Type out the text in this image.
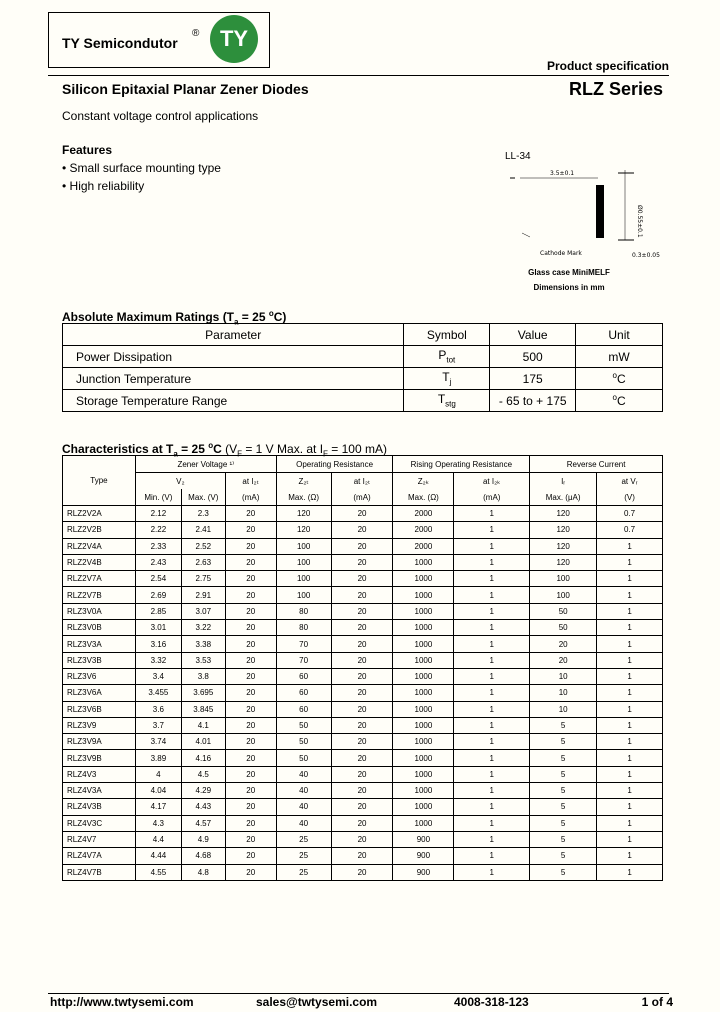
TY Semicondutor
® TY
Product specification
Silicon Epitaxial Planar Zener Diodes	RLZ Series
Constant voltage control applications
Features
• Small surface mounting type
• High reliability
LL-34
3.5±0.1
Ø0.55±0.1
Cathode Mark	0.3±0.05
Glass case MiniMELF
Dimensions in mm
Absolute Maximum Ratings ($T_a = 25$ $^o$C)
Parameter	Symbol	Value	Unit
Power Dissipation	$P_{tot}$	500	mW
Junction Temperature	$T_j$	175	$^o$C
Storage Temperature Range	$T_{stg}$	- 65 to + 175	$^o$C
Characteristics at $T_a = 25$ $^o$C ($V_F = 1$ V Max. at $I_F = 100$ mA)
Type	Zener Voltage ¹⁾			Operating Resistance		Rising Operating Resistance		Reverse Current	
	V₂		at I₂ₜ	Z₂ₜ	at I₂ₜ	Z₂ₖ	at I₂ₖ	Iᵣ	at Vᵣ
	Min. (V)	Max. (V)	(mA)	Max. (Ω)	(mA)	Max. (Ω)	(mA)	Max. (μA)	(V)
RLZ2V2A	2.12	2.3	20	120	20	2000	1	120	0.7
RLZ2V2B	2.22	2.41	20	120	20	2000	1	120	0.7
RLZ2V4A	2.33	2.52	20	100	20	2000	1	120	1
RLZ2V4B	2.43	2.63	20	100	20	1000	1	120	1
RLZ2V7A	2.54	2.75	20	100	20	1000	1	100	1
RLZ2V7B	2.69	2.91	20	100	20	1000	1	100	1
RLZ3V0A	2.85	3.07	20	80	20	1000	1	50	1
RLZ3V0B	3.01	3.22	20	80	20	1000	1	50	1
RLZ3V3A	3.16	3.38	20	70	20	1000	1	20	1
RLZ3V3B	3.32	3.53	20	70	20	1000	1	20	1
RLZ3V6	3.4	3.8	20	60	20	1000	1	10	1
RLZ3V6A	3.455	3.695	20	60	20	1000	1	10	1
RLZ3V6B	3.6	3.845	20	60	20	1000	1	10	1
RLZ3V9	3.7	4.1	20	50	20	1000	1	5	1
RLZ3V9A	3.74	4.01	20	50	20	1000	1	5	1
RLZ3V9B	3.89	4.16	20	50	20	1000	1	5	1
RLZ4V3	4	4.5	20	40	20	1000	1	5	1
RLZ4V3A	4.04	4.29	20	40	20	1000	1	5	1
RLZ4V3B	4.17	4.43	20	40	20	1000	1	5	1
RLZ4V3C	4.3	4.57	20	40	20	1000	1	5	1
RLZ4V7	4.4	4.9	20	25	20	900	1	5	1
RLZ4V7A	4.44	4.68	20	25	20	900	1	5	1
RLZ4V7B	4.55	4.8	20	25	20	900	1	5	1
http://www.twtysemi.com	sales@twtysemi.com	4008-318-123	1 of 4
